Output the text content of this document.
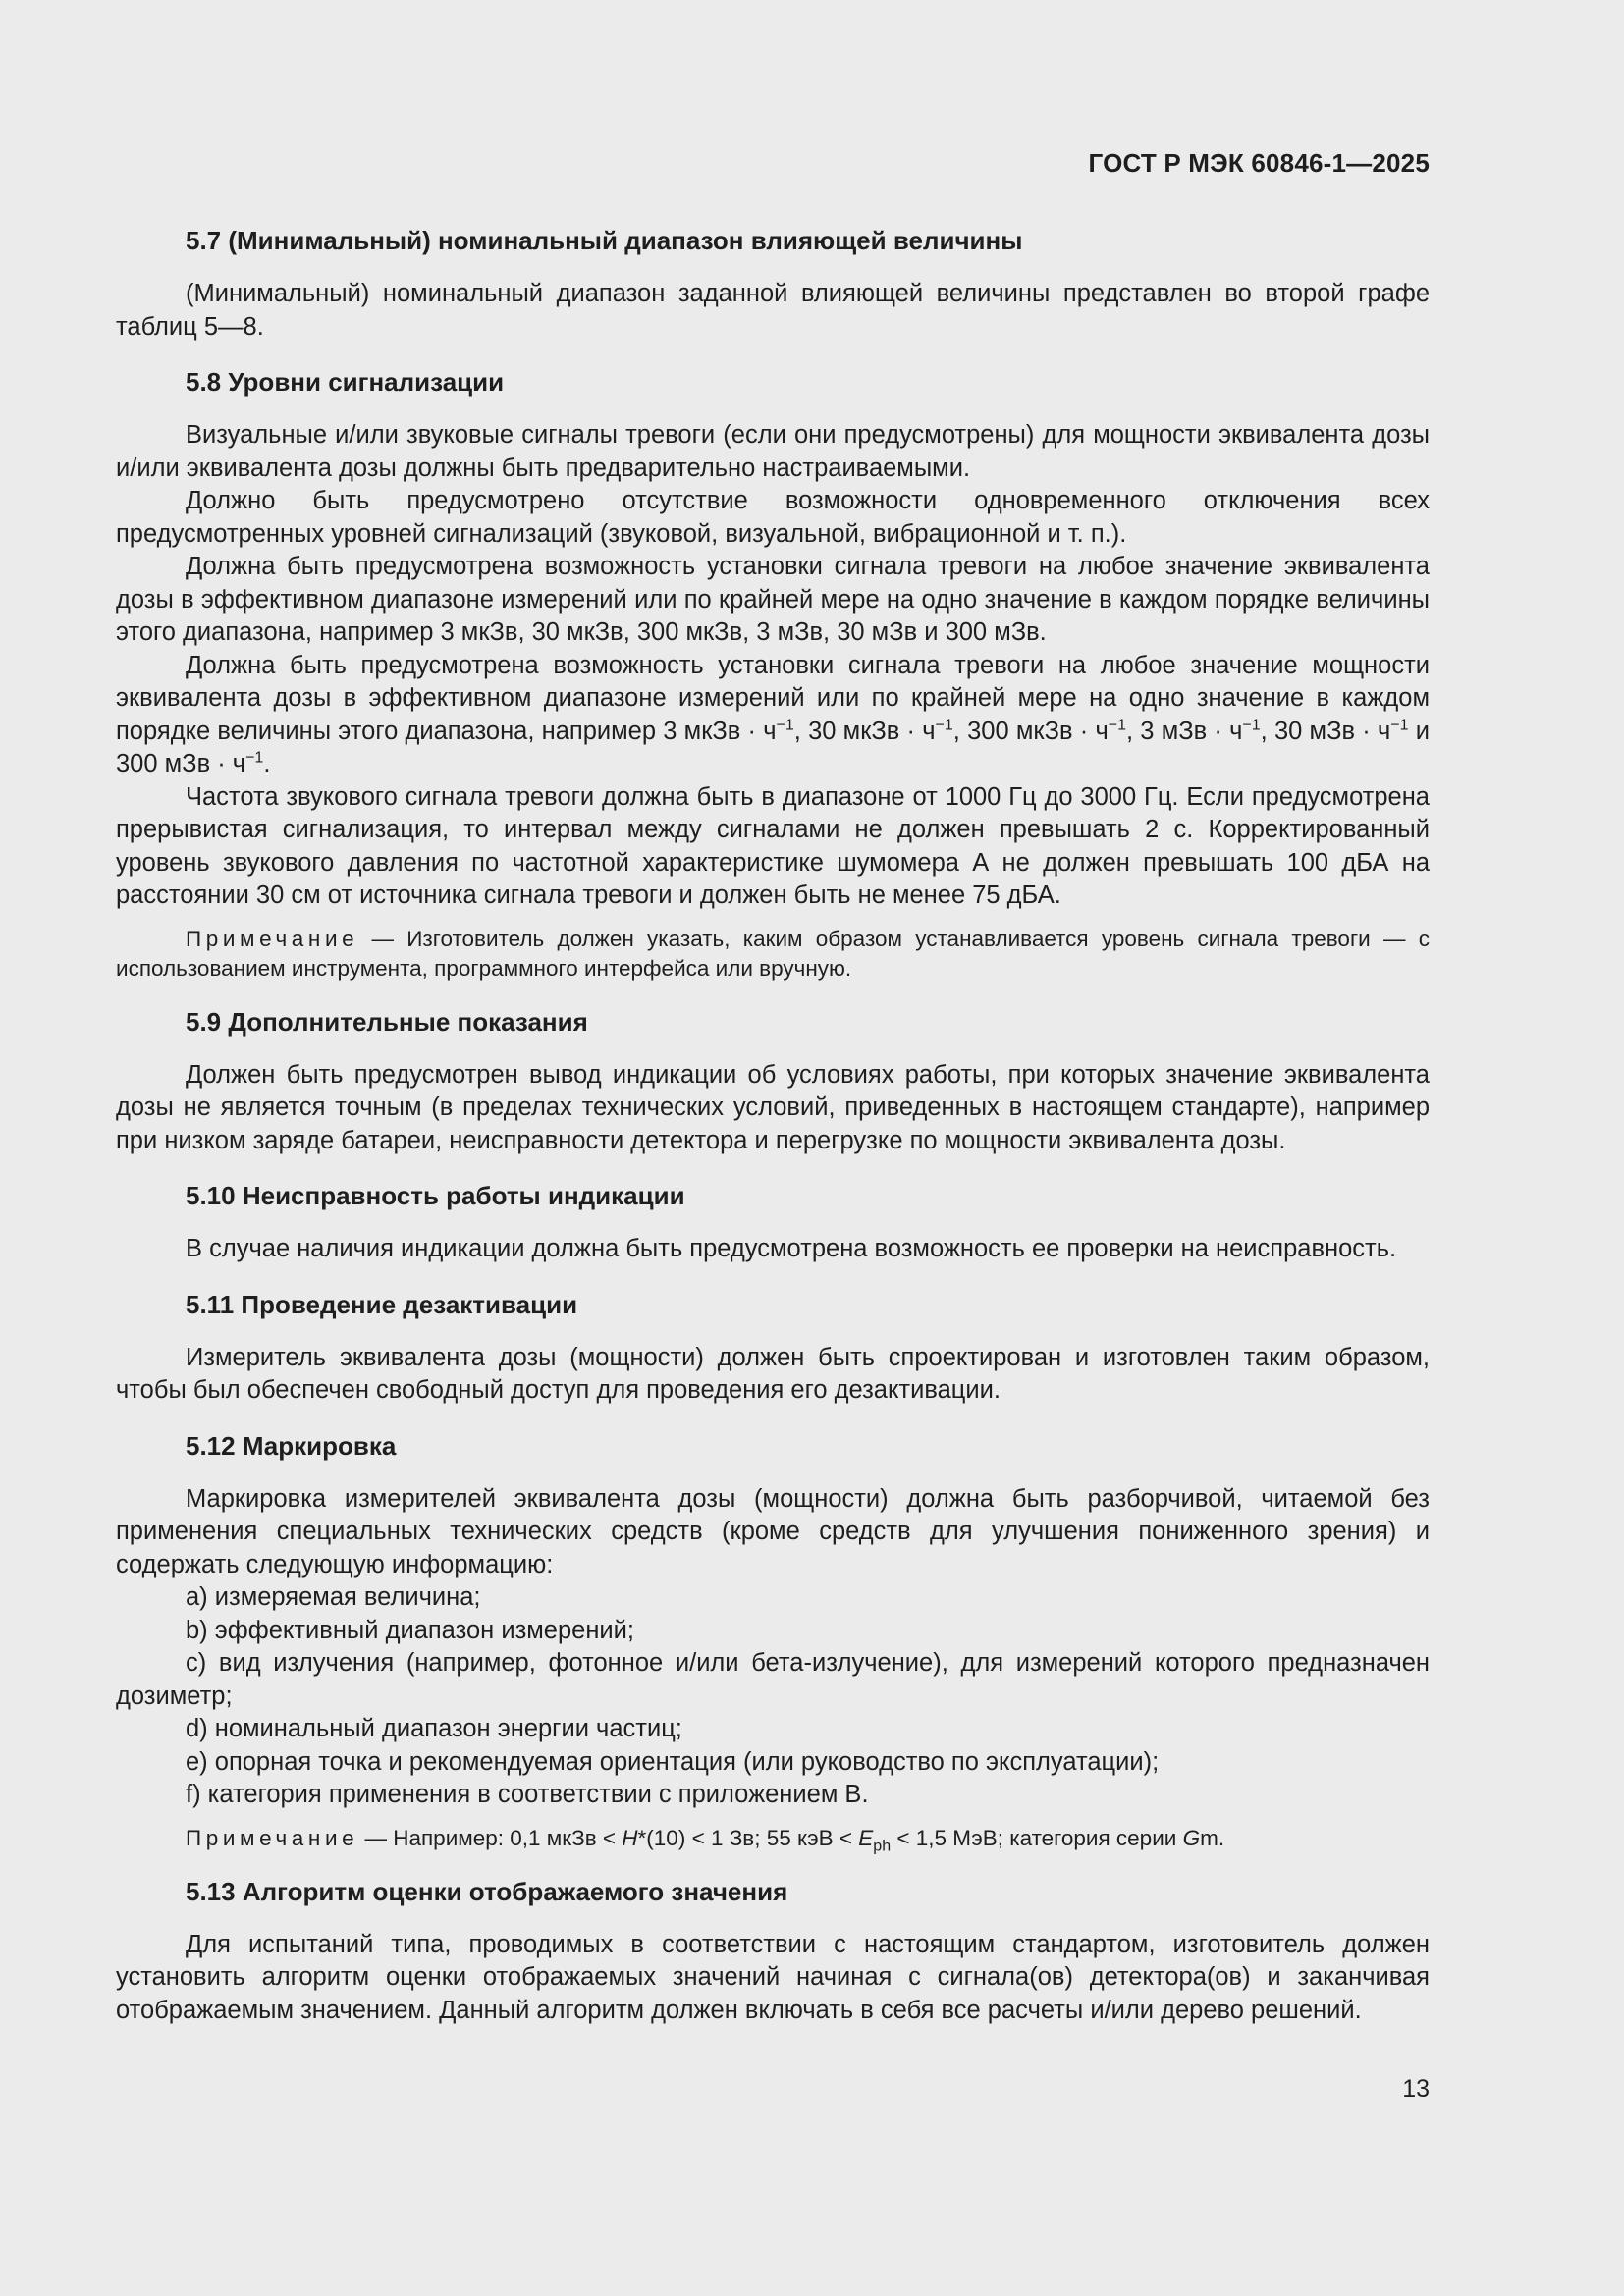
ГОСТ Р МЭК 60846-1—2025
5.7 (Минимальный) номинальный диапазон влияющей величины

(Минимальный) номинальный диапазон заданной влияющей величины представлен во второй графе таблиц 5—8.

5.8 Уровни сигнализации

Визуальные и/или звуковые сигналы тревоги (если они предусмотрены) для мощности эквивалента дозы и/или эквивалента дозы должны быть предварительно настраиваемыми.

Должно быть предусмотрено отсутствие возможности одновременного отключения всех предусмотренных уровней сигнализаций (звуковой, визуальной, вибрационной и т. п.).

Должна быть предусмотрена возможность установки сигнала тревоги на любое значение эквивалента дозы в эффективном диапазоне измерений или по крайней мере на одно значение в каждом порядке величины этого диапазона, например 3 мкЗв, 30 мкЗв, 300 мкЗв, 3 мЗв, 30 мЗв и 300 мЗв.

Должна быть предусмотрена возможность установки сигнала тревоги на любое значение мощности эквивалента дозы в эффективном диапазоне измерений или по крайней мере на одно значение в каждом порядке величины этого диапазона, например 3 мкЗв · $ч^{-1}$, 30 мкЗв · $ч^{-1}$, 300 мкЗв · $ч^{-1}$, 3 мЗв · $ч^{-1}$, 30 мЗв · $ч^{-1}$ и 300 мЗв · $ч^{-1}$.

Частота звукового сигнала тревоги должна быть в диапазоне от 1000 Гц до 3000 Гц. Если предусмотрена прерывистая сигнализация, то интервал между сигналами не должен превышать 2 с. Корректированный уровень звукового давления по частотной характеристике шумомера А не должен превышать 100 дБА на расстоянии 30 см от источника сигнала тревоги и должен быть не менее 75 дБА.

Примечание — Изготовитель должен указать, каким образом устанавливается уровень сигнала тревоги — с использованием инструмента, программного интерфейса или вручную.

5.9 Дополнительные показания

Должен быть предусмотрен вывод индикации об условиях работы, при которых значение эквивалента дозы не является точным (в пределах технических условий, приведенных в настоящем стандарте), например при низком заряде батареи, неисправности детектора и перегрузке по мощности эквивалента дозы.

5.10 Неисправность работы индикации

В случае наличия индикации должна быть предусмотрена возможность ее проверки на неисправность.

5.11 Проведение дезактивации

Измеритель эквивалента дозы (мощности) должен быть спроектирован и изготовлен таким образом, чтобы был обеспечен свободный доступ для проведения его дезактивации.

5.12 Маркировка

Маркировка измерителей эквивалента дозы (мощности) должна быть разборчивой, читаемой без применения специальных технических средств (кроме средств для улучшения пониженного зрения) и содержать следующую информацию:

a) измеряемая величина;

b) эффективный диапазон измерений;

c) вид излучения (например, фотонное и/или бета-излучение), для измерений которого предназначен дозиметр;

d) номинальный диапазон энергии частиц;

e) опорная точка и рекомендуемая ориентация (или руководство по эксплуатации);

f) категория применения в соответствии с приложением В.

Примечание — Например: 0,1 мкЗв < H*(10) < 1 Зв; 55 кэВ < $E_{ph} < 1,5$ МэВ; категория серии Gm.

5.13 Алгоритм оценки отображаемого значения

Для испытаний типа, проводимых в соответствии с настоящим стандартом, изготовитель должен установить алгоритм оценки отображаемых значений начиная с сигнала(ов) детектора(ов) и заканчивая отображаемым значением. Данный алгоритм должен включать в себя все расчеты и/или дерево решений.

13
